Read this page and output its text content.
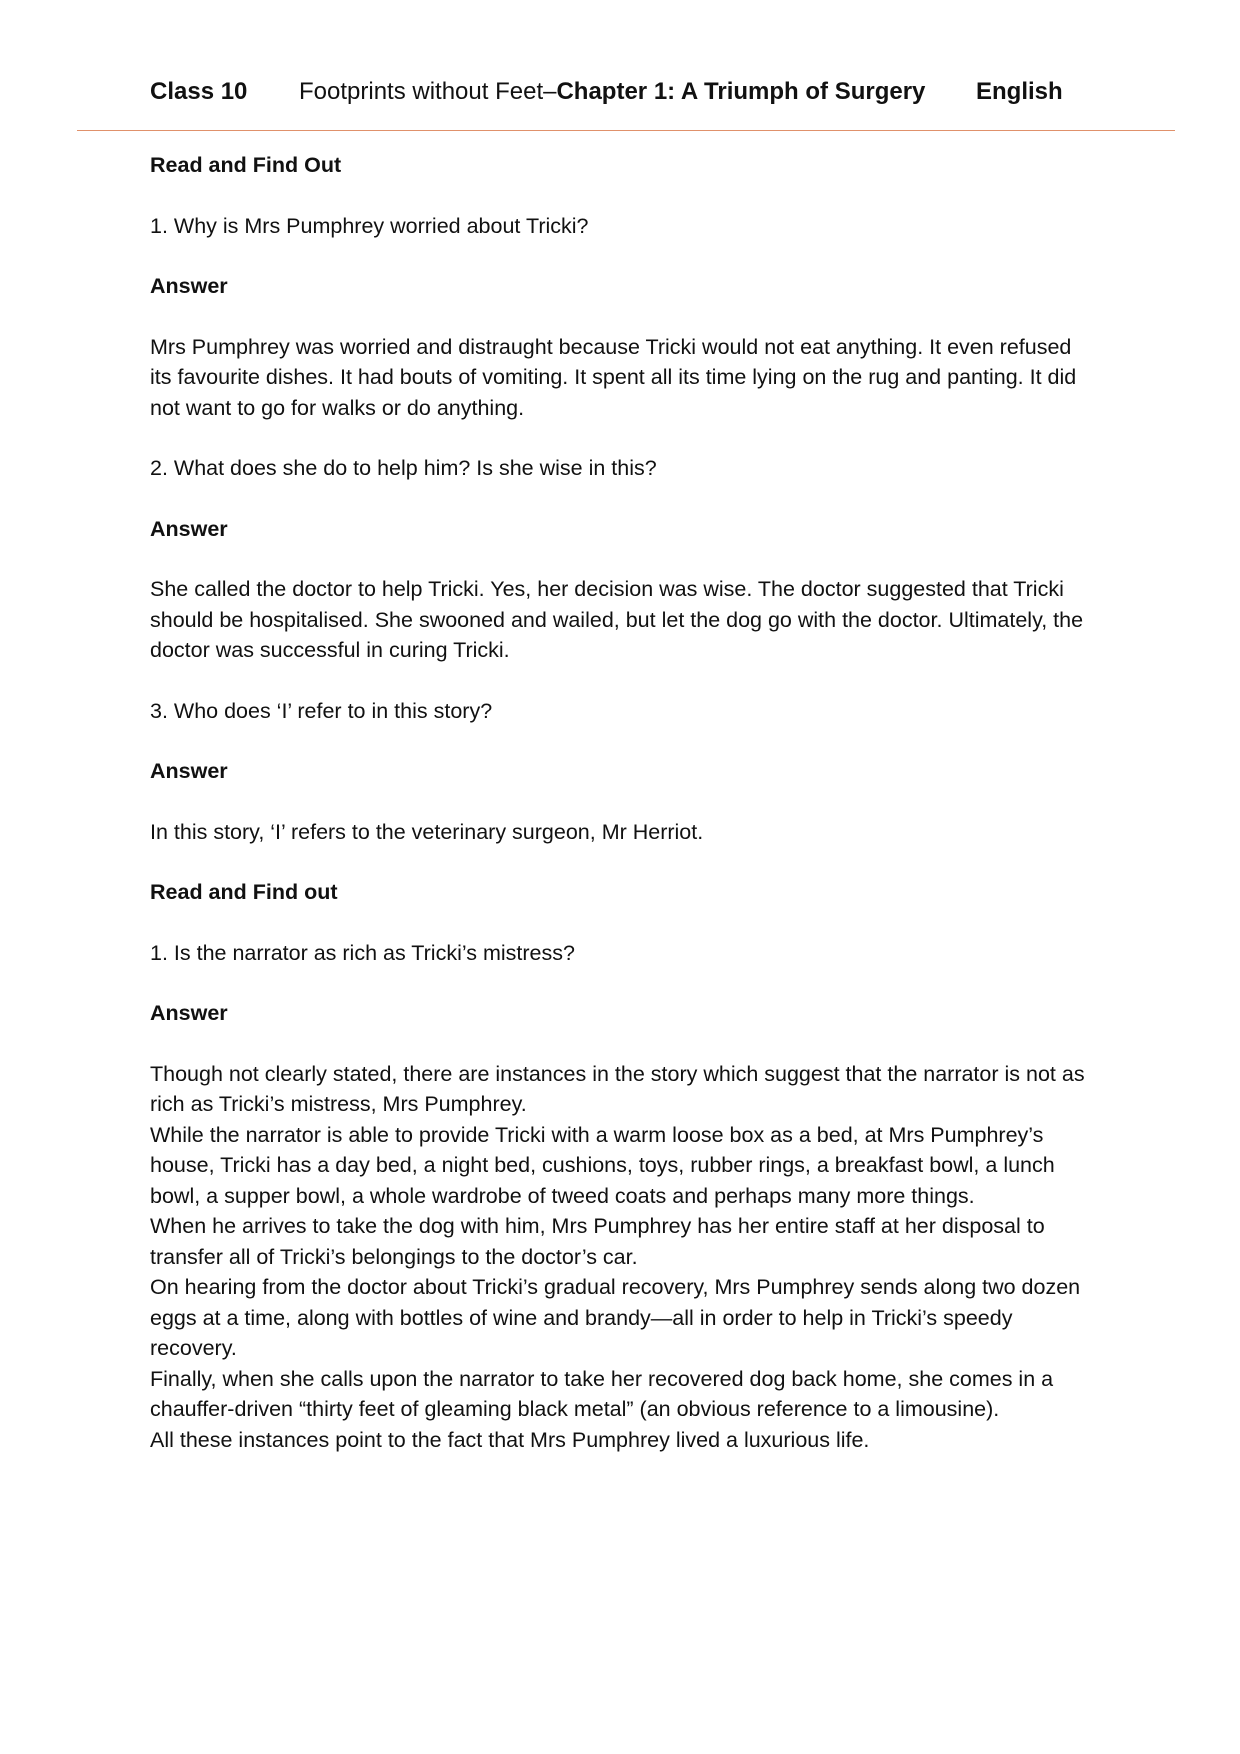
Class 10 Footprints without Feet–Chapter 1: A Triumph of Surgery English
Read and Find Out
1. Why is Mrs Pumphrey worried about Tricki?
Answer

Mrs Pumphrey was worried and distraught because Tricki would not eat anything. It even refused its favourite dishes. It had bouts of vomiting. It spent all its time lying on the rug and panting. It did not want to go for walks or do anything.

2. What does she do to help him? Is she wise in this?
Answer

She called the doctor to help Tricki. Yes, her decision was wise. The doctor suggested that Tricki should be hospitalised. She swooned and wailed, but let the dog go with the doctor. Ultimately, the doctor was successful in curing Tricki.

3. Who does ‘I’ refer to in this story?
Answer

In this story, ‘I’ refers to the veterinary surgeon, Mr Herriot.

Read and Find out
1. Is the narrator as rich as Tricki’s mistress?
Answer

Though not clearly stated, there are instances in the story which suggest that the narrator is not as rich as Tricki’s mistress, Mrs Pumphrey.

While the narrator is able to provide Tricki with a warm loose box as a bed, at Mrs Pumphrey’s house, Tricki has a day bed, a night bed, cushions, toys, rubber rings, a breakfast bowl, a lunch bowl, a supper bowl, a whole wardrobe of tweed coats and perhaps many more things.

When he arrives to take the dog with him, Mrs Pumphrey has her entire staff at her disposal to transfer all of Tricki’s belongings to the doctor’s car.

On hearing from the doctor about Tricki’s gradual recovery, Mrs Pumphrey sends along two dozen eggs at a time, along with bottles of wine and brandy—all in order to help in Tricki’s speedy recovery.

Finally, when she calls upon the narrator to take her recovered dog back home, she comes in a chauffer-driven “thirty feet of gleaming black metal” (an obvious reference to a limousine).

All these instances point to the fact that Mrs Pumphrey lived a luxurious life.
